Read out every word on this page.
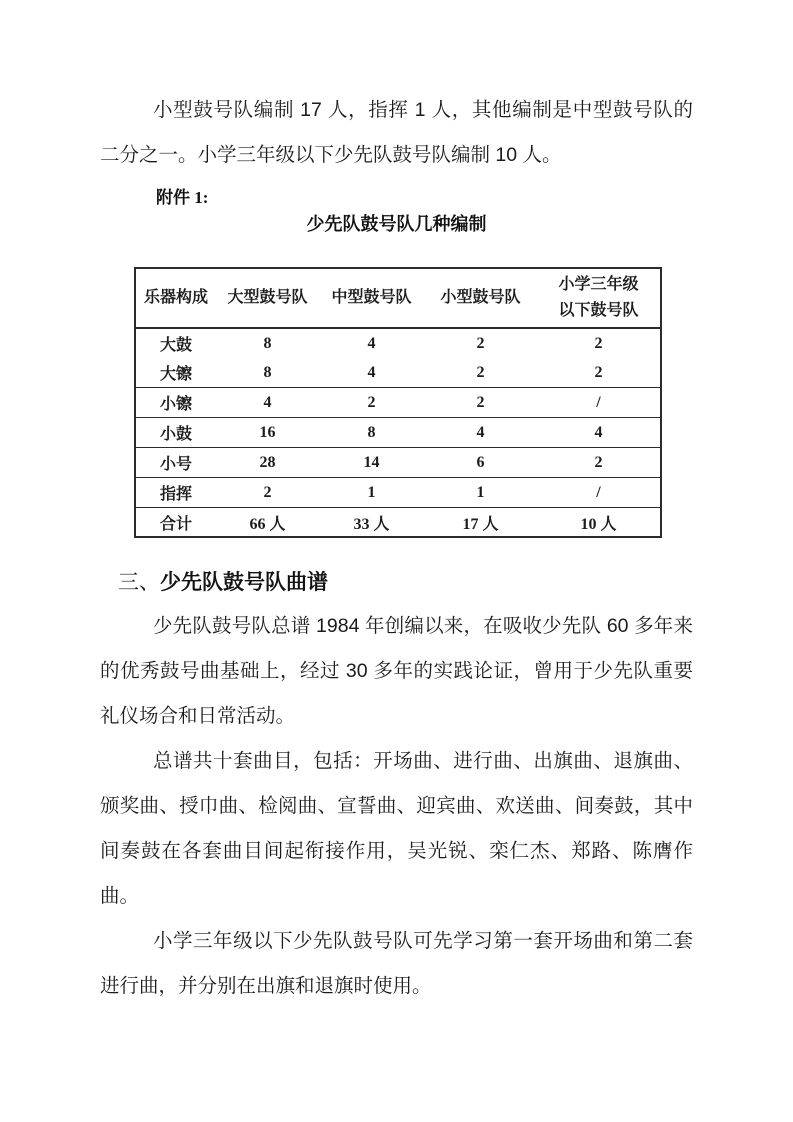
小型鼓号队编制 17 人，指挥 1 人，其他编制是中型鼓号队的二分之一。小学三年级以下少先队鼓号队编制 10 人。

附件 1:
少先队鼓号队几种编制
乐器构成	大型鼓号队	中型鼓号队	小型鼓号队	小学三年级
以下鼓号队

大鼓	8	4	2	2
大镲	8	4	2	2
小镲	4	2	2	/
小鼓	16	8	4	4
小号	28	14	6	2
指挥	2	1	1	/
合计	66 人	33 人	17 人	10 人
三、少先队鼓号队曲谱

少先队鼓号队总谱 1984 年创编以来，在吸收少先队 60 多年来的优秀鼓号曲基础上，经过 30 多年的实践论证，曾用于少先队重要礼仪场合和日常活动。

总谱共十套曲目，包括：开场曲、进行曲、出旗曲、退旗曲、颁奖曲、授巾曲、检阅曲、宣誓曲、迎宾曲、欢送曲、间奏鼓，其中间奏鼓在各套曲目间起衔接作用，吴光锐、栾仁杰、郑路、陈膺作曲。

小学三年级以下少先队鼓号队可先学习第一套开场曲和第二套进行曲，并分别在出旗和退旗时使用。
